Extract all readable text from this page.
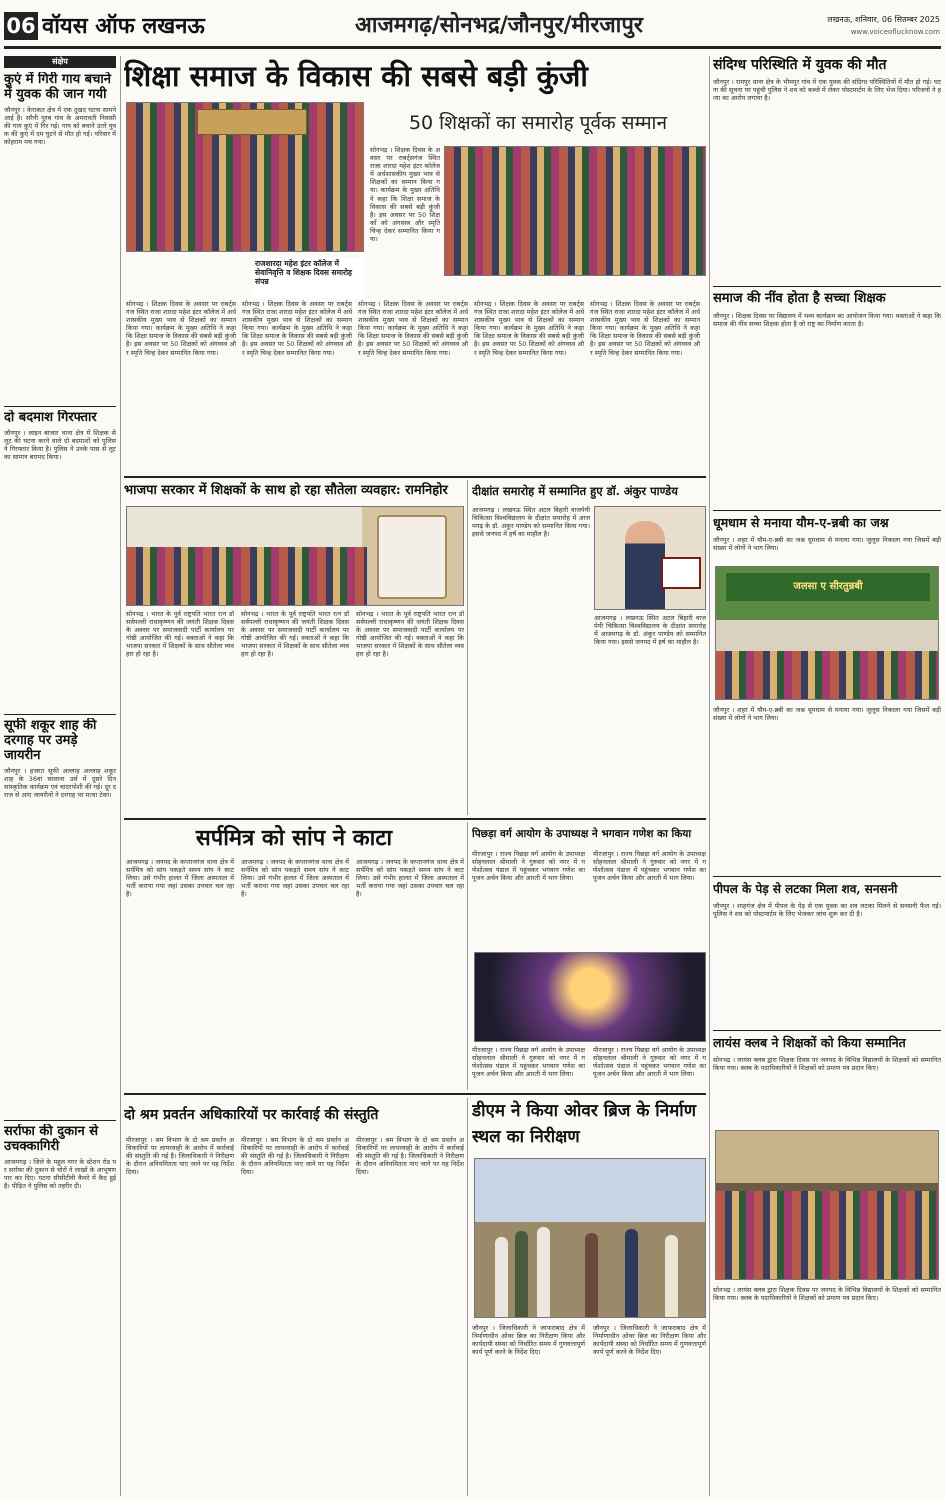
06 वॉयस ऑफ लखनऊ	आजमगढ़/सोनभद्र/जौनपुर/मीरजापुर	लखनऊ, शनिवार, 06 सितम्बर 2025
www.voiceoflucknow.com
संक्षेप
कुएं में गिरी गाय बचाने में युवक की जान गयी
जौनपुर । केराकत क्षेत्र में एक दुखद घटना सामने आई है। सरैनी पूरब गांव के अमरावती निवासी की गाय कुएं में गिर गई। गाय को बचाने उतरे युवक की कुएं में दम घुटने से मौत हो गई। परिवार में कोहराम मच गया।
दो बदमाश गिरफ्तार
जौनपुर । लाइन बाजार थाना क्षेत्र में शिक्षक से लूट की घटना करने वाले दो बदमाशों को पुलिस ने गिरफ्तार किया है। पुलिस ने उनके पास से लूट का सामान बरामद किया।
सूफी शकूर शाह की दरगाह पर उमड़े जायरीन
जौनपुर । हजरत सूफी अल्लाह अल्लाह शकूर शाह के 36वां सालाना उर्स में दूसरे दिन सांस्कृतिक कार्यक्रम एवं चादरपोशी की गई। दूर दराज से आए जायरीनों ने दरगाह पर मत्था टेका।
सर्राफा की दुकान से उचक्कागिरी
आजमगढ़ । जिले के महुल नगर के स्टेशन रोड पर सर्राफा की दुकान से चोरों ने लाखों के आभूषण पार कर दिए। घटना सीसीटीवी कैमरे में कैद हुई है। पीड़ित ने पुलिस को तहरीर दी।
शिक्षा समाज के विकास की सबसे बड़ी कुंजी
राजशारदा महेश इंटर कॉलेज में सेवानिवृत्ति व शिक्षक दिवस समारोह संपन्न
50 शिक्षकों का समारोह पूर्वक सम्मान
सोनभद्र । शिक्षक दिवस के अवसर पर राबर्ट्सगंज स्थित राजा शारदा महेश इंटर कॉलेज में अर्धशासकीय मुख्य भाव से शिक्षकों का सम्मान किया गया। कार्यक्रम के मुख्य अतिथि ने कहा कि शिक्षा समाज के विकास की सबसे बड़ी कुंजी है। इस अवसर पर 50 शिक्षकों को अंगवस्त्र और स्मृति चिन्ह देकर सम्मानित किया गया।
सोनभद्र । शिक्षक दिवस के अवसर पर राबर्ट्सगंज स्थित राजा शारदा महेश इंटर कॉलेज में अर्धशासकीय मुख्य भाव से शिक्षकों का सम्मान किया गया। कार्यक्रम के मुख्य अतिथि ने कहा कि शिक्षा समाज के विकास की सबसे बड़ी कुंजी है। इस अवसर पर 50 शिक्षकों को अंगवस्त्र और स्मृति चिन्ह देकर सम्मानित किया गया।
सोनभद्र । शिक्षक दिवस के अवसर पर राबर्ट्सगंज स्थित राजा शारदा महेश इंटर कॉलेज में अर्धशासकीय मुख्य भाव से शिक्षकों का सम्मान किया गया। कार्यक्रम के मुख्य अतिथि ने कहा कि शिक्षा समाज के विकास की सबसे बड़ी कुंजी है। इस अवसर पर 50 शिक्षकों को अंगवस्त्र और स्मृति चिन्ह देकर सम्मानित किया गया।
सोनभद्र । शिक्षक दिवस के अवसर पर राबर्ट्सगंज स्थित राजा शारदा महेश इंटर कॉलेज में अर्धशासकीय मुख्य भाव से शिक्षकों का सम्मान किया गया। कार्यक्रम के मुख्य अतिथि ने कहा कि शिक्षा समाज के विकास की सबसे बड़ी कुंजी है। इस अवसर पर 50 शिक्षकों को अंगवस्त्र और स्मृति चिन्ह देकर सम्मानित किया गया।
सोनभद्र । शिक्षक दिवस के अवसर पर राबर्ट्सगंज स्थित राजा शारदा महेश इंटर कॉलेज में अर्धशासकीय मुख्य भाव से शिक्षकों का सम्मान किया गया। कार्यक्रम के मुख्य अतिथि ने कहा कि शिक्षा समाज के विकास की सबसे बड़ी कुंजी है। इस अवसर पर 50 शिक्षकों को अंगवस्त्र और स्मृति चिन्ह देकर सम्मानित किया गया।
सोनभद्र । शिक्षक दिवस के अवसर पर राबर्ट्सगंज स्थित राजा शारदा महेश इंटर कॉलेज में अर्धशासकीय मुख्य भाव से शिक्षकों का सम्मान किया गया। कार्यक्रम के मुख्य अतिथि ने कहा कि शिक्षा समाज के विकास की सबसे बड़ी कुंजी है। इस अवसर पर 50 शिक्षकों को अंगवस्त्र और स्मृति चिन्ह देकर सम्मानित किया गया।
भाजपा सरकार में शिक्षकों के साथ हो रहा सौतेला व्यवहार: रामनिहोर
सोनभद्र । भारत के पूर्व राष्ट्रपति भारत रत्न डॉ सर्वपल्ली राधाकृष्णन की जयंती शिक्षक दिवस के अवसर पर समाजवादी पार्टी कार्यालय पर गोष्ठी आयोजित की गई। वक्ताओं ने कहा कि भाजपा सरकार में शिक्षकों के साथ सौतेला व्यवहार हो रहा है।
सोनभद्र । भारत के पूर्व राष्ट्रपति भारत रत्न डॉ सर्वपल्ली राधाकृष्णन की जयंती शिक्षक दिवस के अवसर पर समाजवादी पार्टी कार्यालय पर गोष्ठी आयोजित की गई। वक्ताओं ने कहा कि भाजपा सरकार में शिक्षकों के साथ सौतेला व्यवहार हो रहा है।
सोनभद्र । भारत के पूर्व राष्ट्रपति भारत रत्न डॉ सर्वपल्ली राधाकृष्णन की जयंती शिक्षक दिवस के अवसर पर समाजवादी पार्टी कार्यालय पर गोष्ठी आयोजित की गई। वक्ताओं ने कहा कि भाजपा सरकार में शिक्षकों के साथ सौतेला व्यवहार हो रहा है।
दीक्षांत समारोह में सम्मानित हुए डॉ. अंकुर पाण्डेय
आजमगढ़ । लखनऊ स्थित अटल बिहारी वाजपेयी चिकित्सा विश्वविद्यालय के दीक्षांत समारोह में आजमगढ़ के डॉ. अंकुर पाण्डेय को सम्मानित किया गया। इससे जनपद में हर्ष का माहौल है।
आजमगढ़ । लखनऊ स्थित अटल बिहारी वाजपेयी चिकित्सा विश्वविद्यालय के दीक्षांत समारोह में आजमगढ़ के डॉ. अंकुर पाण्डेय को सम्मानित किया गया। इससे जनपद में हर्ष का माहौल है।
सर्पमित्र को सांप ने काटा
आजमगढ़ । जनपद के कप्तानगंज थाना क्षेत्र में सर्पमित्र को सांप पकड़ते समय सांप ने काट लिया। उसे गंभीर हालत में जिला अस्पताल में भर्ती कराया गया जहां उसका उपचार चल रहा है।
आजमगढ़ । जनपद के कप्तानगंज थाना क्षेत्र में सर्पमित्र को सांप पकड़ते समय सांप ने काट लिया। उसे गंभीर हालत में जिला अस्पताल में भर्ती कराया गया जहां उसका उपचार चल रहा है।
आजमगढ़ । जनपद के कप्तानगंज थाना क्षेत्र में सर्पमित्र को सांप पकड़ते समय सांप ने काट लिया। उसे गंभीर हालत में जिला अस्पताल में भर्ती कराया गया जहां उसका उपचार चल रहा है।
पिछड़ा वर्ग आयोग के उपाध्यक्ष ने भगवान गणेश का किया
मीरजापुर । राज्य पिछड़ा वर्ग आयोग के उपाध्यक्ष सोहनलाल श्रीमाली ने गुरुवार को नगर में गणेशोत्सव पंडाल में पहुंचकर भगवान गणेश का पूजन अर्चन किया और आरती में भाग लिया।
मीरजापुर । राज्य पिछड़ा वर्ग आयोग के उपाध्यक्ष सोहनलाल श्रीमाली ने गुरुवार को नगर में गणेशोत्सव पंडाल में पहुंचकर भगवान गणेश का पूजन अर्चन किया और आरती में भाग लिया।
मीरजापुर । राज्य पिछड़ा वर्ग आयोग के उपाध्यक्ष सोहनलाल श्रीमाली ने गुरुवार को नगर में गणेशोत्सव पंडाल में पहुंचकर भगवान गणेश का पूजन अर्चन किया और आरती में भाग लिया।
मीरजापुर । राज्य पिछड़ा वर्ग आयोग के उपाध्यक्ष सोहनलाल श्रीमाली ने गुरुवार को नगर में गणेशोत्सव पंडाल में पहुंचकर भगवान गणेश का पूजन अर्चन किया और आरती में भाग लिया।
दो श्रम प्रवर्तन अधिकारियों पर कार्रवाई की संस्तुति
मीरजापुर । श्रम विभाग के दो श्रम प्रवर्तन अधिकारियों पर लापरवाही के आरोप में कार्रवाई की संस्तुति की गई है। जिलाधिकारी ने निरीक्षण के दौरान अनियमितता पाए जाने पर यह निर्देश दिया।
मीरजापुर । श्रम विभाग के दो श्रम प्रवर्तन अधिकारियों पर लापरवाही के आरोप में कार्रवाई की संस्तुति की गई है। जिलाधिकारी ने निरीक्षण के दौरान अनियमितता पाए जाने पर यह निर्देश दिया।
मीरजापुर । श्रम विभाग के दो श्रम प्रवर्तन अधिकारियों पर लापरवाही के आरोप में कार्रवाई की संस्तुति की गई है। जिलाधिकारी ने निरीक्षण के दौरान अनियमितता पाए जाने पर यह निर्देश दिया।
डीएम ने किया ओवर ब्रिज के निर्माण स्थल का निरीक्षण
जौनपुर । जिलाधिकारी ने जाफराबाद क्षेत्र में निर्माणाधीन ओवर ब्रिज का निरीक्षण किया और कार्यदायी संस्था को निर्धारित समय में गुणवत्तापूर्ण कार्य पूर्ण करने के निर्देश दिए।
जौनपुर । जिलाधिकारी ने जाफराबाद क्षेत्र में निर्माणाधीन ओवर ब्रिज का निरीक्षण किया और कार्यदायी संस्था को निर्धारित समय में गुणवत्तापूर्ण कार्य पूर्ण करने के निर्देश दिए।
संदिग्ध परिस्थिति में युवक की मौत
जौनपुर । रामपुर थाना क्षेत्र के भीमपुर गांव में एक युवक की संदिग्ध परिस्थितियों में मौत हो गई। घटना की सूचना पर पहुंची पुलिस ने शव को कब्जे में लेकर पोस्टमार्टम के लिए भेज दिया। परिजनों ने हत्या का आरोप लगाया है।
समाज की नींव होता है सच्चा शिक्षक
जौनपुर । शिक्षक दिवस पर विद्यालय में भव्य कार्यक्रम का आयोजन किया गया। वक्ताओं ने कहा कि समाज की नींव सच्चा शिक्षक होता है जो राष्ट्र का निर्माण करता है।
धूमधाम से मनाया यौम-ए-न्नबी का जश्न
जौनपुर । शहर में यौम-ए-न्नबी का जश्न धूमधाम से मनाया गया। जुलूस निकाला गया जिसमें बड़ी संख्या में लोगों ने भाग लिया।
जलसा ए सीरतुन्नबी
जौनपुर । शहर में यौम-ए-न्नबी का जश्न धूमधाम से मनाया गया। जुलूस निकाला गया जिसमें बड़ी संख्या में लोगों ने भाग लिया।
पीपल के पेड़ से लटका मिला शव, सनसनी
जौनपुर । शाहगंज क्षेत्र में पीपल के पेड़ से एक युवक का शव लटका मिलने से सनसनी फैल गई। पुलिस ने शव को पोस्टमार्टम के लिए भेजकर जांच शुरू कर दी है।
लायंस क्लब ने शिक्षकों को किया सम्मानित
सोनभद्र । लायंस क्लब द्वारा शिक्षक दिवस पर जनपद के विभिन्न विद्यालयों के शिक्षकों को सम्मानित किया गया। क्लब के पदाधिकारियों ने शिक्षकों को प्रमाण पत्र प्रदान किए।
सोनभद्र । लायंस क्लब द्वारा शिक्षक दिवस पर जनपद के विभिन्न विद्यालयों के शिक्षकों को सम्मानित किया गया। क्लब के पदाधिकारियों ने शिक्षकों को प्रमाण पत्र प्रदान किए।
